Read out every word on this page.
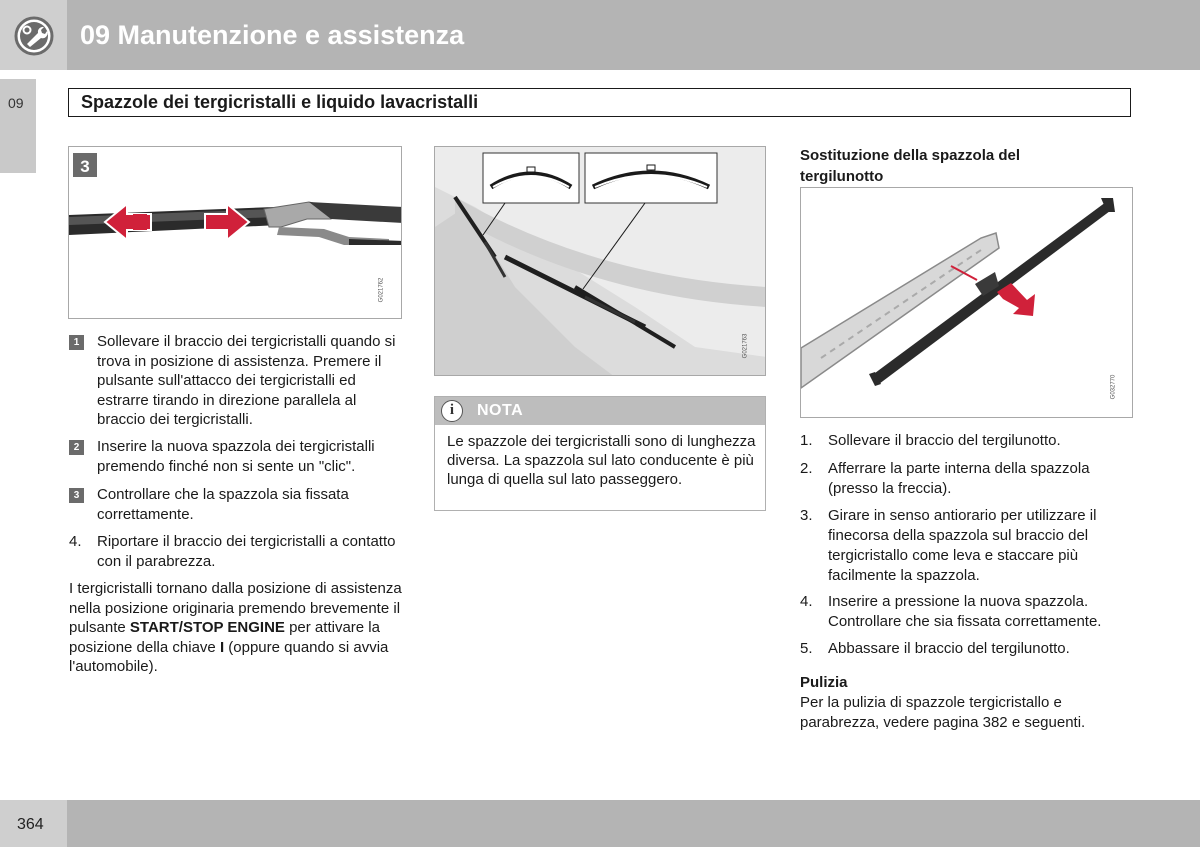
09 Manutenzione e assistenza
09	Spazzole dei tergicristalli e liquido lavacristalli
3
G021762
G021763
G032770
1	Sollevare il braccio dei tergicristalli quando si trova in posizione di assistenza. Premere il pulsante sull'attacco dei tergicristalli ed estrarre tirando in direzione parallela al braccio dei tergicristalli.
2	Inserire la nuova spazzola dei tergicristalli premendo finché non si sente un "clic".
3	Controllare che la spazzola sia fissata correttamente.
4. Riportare il braccio dei tergicristalli a contatto con il parabrezza.
I tergicristalli tornano dalla posizione di assistenza nella posizione originaria premendo brevemente il pulsante START/STOP ENGINE per attivare la posizione della chiave I (oppure quando si avvia l'automobile).
i	NOTA
Le spazzole dei tergicristalli sono di lunghezza diversa. La spazzola sul lato conducente è più lunga di quella sul lato passeggero.
Sostituzione della spazzola del tergilunotto
1. Sollevare il braccio del tergilunotto.
2. Afferrare la parte interna della spazzola (presso la freccia).
3. Girare in senso antiorario per utilizzare il finecorsa della spazzola sul braccio del tergicristallo come leva e staccare più facilmente la spazzola.
4. Inserire a pressione la nuova spazzola. Controllare che sia fissata correttamente.
5. Abbassare il braccio del tergilunotto.
Pulizia
Per la pulizia di spazzole tergicristallo e parabrezza, vedere pagina 382 e seguenti.
364
